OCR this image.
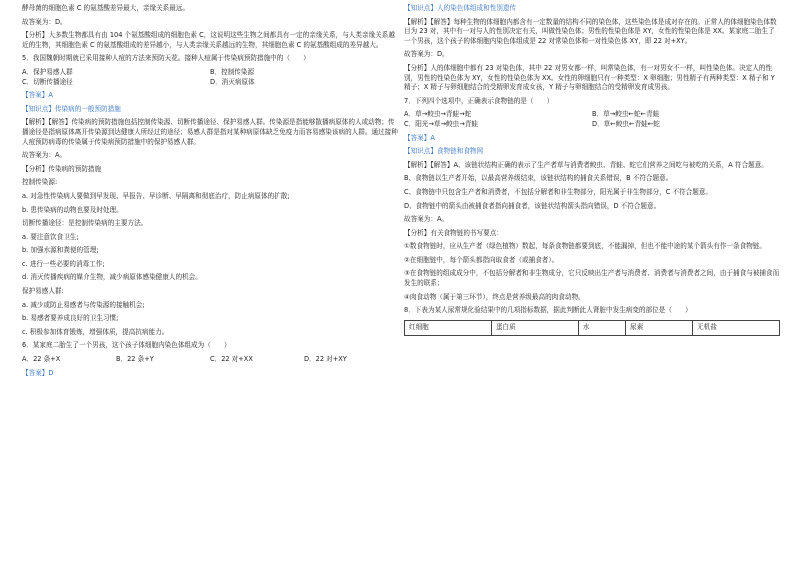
酵母菌的细胞色素 C 的氨基酸差异最大，亲缘关系最远。
故答案为：D。
【分析】大多数生物都具有由 104 个氨基酸组成的细胞色素 C，这说明这些生物之间都具有一定的亲缘关系，与人类亲缘关系越近的生物，其细胞色素 C 的氨基酸组成的差异越小，与人类亲缘关系越远的生物，其细胞色素 C 的氨基酸组成的差异越大。
5．我国魏朝时期就已采用接种人痘的方法来预防天花。接种人痘属于传染病预防措施中的（　　）
A．保护易感人群	B．控制传染源
C．切断传播途径	D．消灭病原体
【答案】A
【知识点】传染病的一般预防措施
【解析】【解答】传染病的预防措施包括控制传染源、切断传播途径、保护易感人群。传染源是指能够散播病原体的人或动物；传播途径是指病原体离开传染源到达健康人所经过的途径；易感人群是指对某种病原体缺乏免疫力而容易感染该病的人群。通过接种人痘预防病毒的传染属于传染病预防措施中的保护易感人群。
故答案为：A。
【分析】传染病的预防措施
控制传染源:
a. 对急性传染病人要做到早发现、早报告、早诊断、早隔离和彻底治疗，防止病原体的扩散;
b. 患传染病的动物也要及时处理。
切断传播途径：是控制传染病的主要方法。
a. 要注意饮食卫生;
b. 加强水源和粪便的管理;
c. 进行一些必要的消毒工作;
d. 消灭传播疾病的媒介生物，减少病原体感染健康人的机会。
保护易感人群:
a. 减少或防止易感者与传染源的接触机会;
b. 易感者要养成良好的卫生习惯;
c. 积极参加体育锻炼，增强体质，提高抗病能力。
6．某家庭二胎生了一个男孩，这个孩子体细胞内染色体组成为（　　）
A．22 条+X	B．22 条+Y	C．22 对+XX	D．22 对+XY
【答案】D
【知识点】人的染色体组成和性别遗传
【解析】【解答】每种生物的体细胞内都含有一定数量的结构不同的染色体，这些染色体是成对存在的。正常人的体细胞染色体数目为 23 对，其中有一对与人的性别决定有关，叫做性染色体；男性的性染色体是 XY，女性的性染色体是 XX。某家庭二胎生了一个男孩，这个孩子的体细胞内染色体组成是 22 对常染色体和一对性染色体 XY，即 22 对+XY。
故答案为：D。
【分析】人的体细胞中都有 23 对染色体，其中 22 对男女都一样，叫常染色体，有一对男女不一样，叫性染色体。决定人的性别，男性的性染色体为 XY，女性的性染色体为 XX。女性的卵细胞只有一种类型：X 卵细胞；男性精子有两种类型：X 精子和 Y 精子；X 精子与卵细胞结合的受精卵发育成女孩，Y 精子与卵细胞结合的受精卵发育成男孩。
7．下列四个选项中，正确表示食物链的是（　　）
A．草→鲛虫→青蛙→蛇	B．草→鲛虫←蛇←青蛙
C．阳光→草→鲛虫→青蛙	D．草←鲛虫←青蛙←蛇
【答案】A
【知识点】食物链和食物网
【解析】【解答】A、该链状结构正确的表示了生产者草与消费者鲛虫、青蛙、蛇它们营养之间吃与被吃的关系，A 符合题意。
B、食物链以生产者开始，以最高营养级结束，该链状结构的捕食关系错误，B 不符合题意。
C、食物链中只包含生产者和消费者，不包括分解者和非生物部分，阳光属于非生物部分，C 不符合题意。
D、食物链中的箭头由被捕食者指向捕食者，该链状结构箭头指向错误，D 不符合题意。
故答案为：A。
【分析】有关食物链的书写要点：
①数食物链时，应从生产者（绿色植物）数起，每条食物链都要到底，不能漏掉，但也不能中途的某个箭头有作一条食物链。
②在细胞链中，每个箭头都指向取食者（或捕食者）。
③在食物链的组成成分中，不包括分解者和非生物成分，它只反映出生产者与消费者、消费者与消费者之间，由于捕食与被捕食而发生的联系；
④肉食动物（属于第三环节），终点是营养级最高的肉食动物。
8．下表为某人尿常规化验结果中的几项指标数据，据此判断此人肾脏中发生病变的部位是（　　）
红细胞	蛋白质	水	尿素	无机盐
